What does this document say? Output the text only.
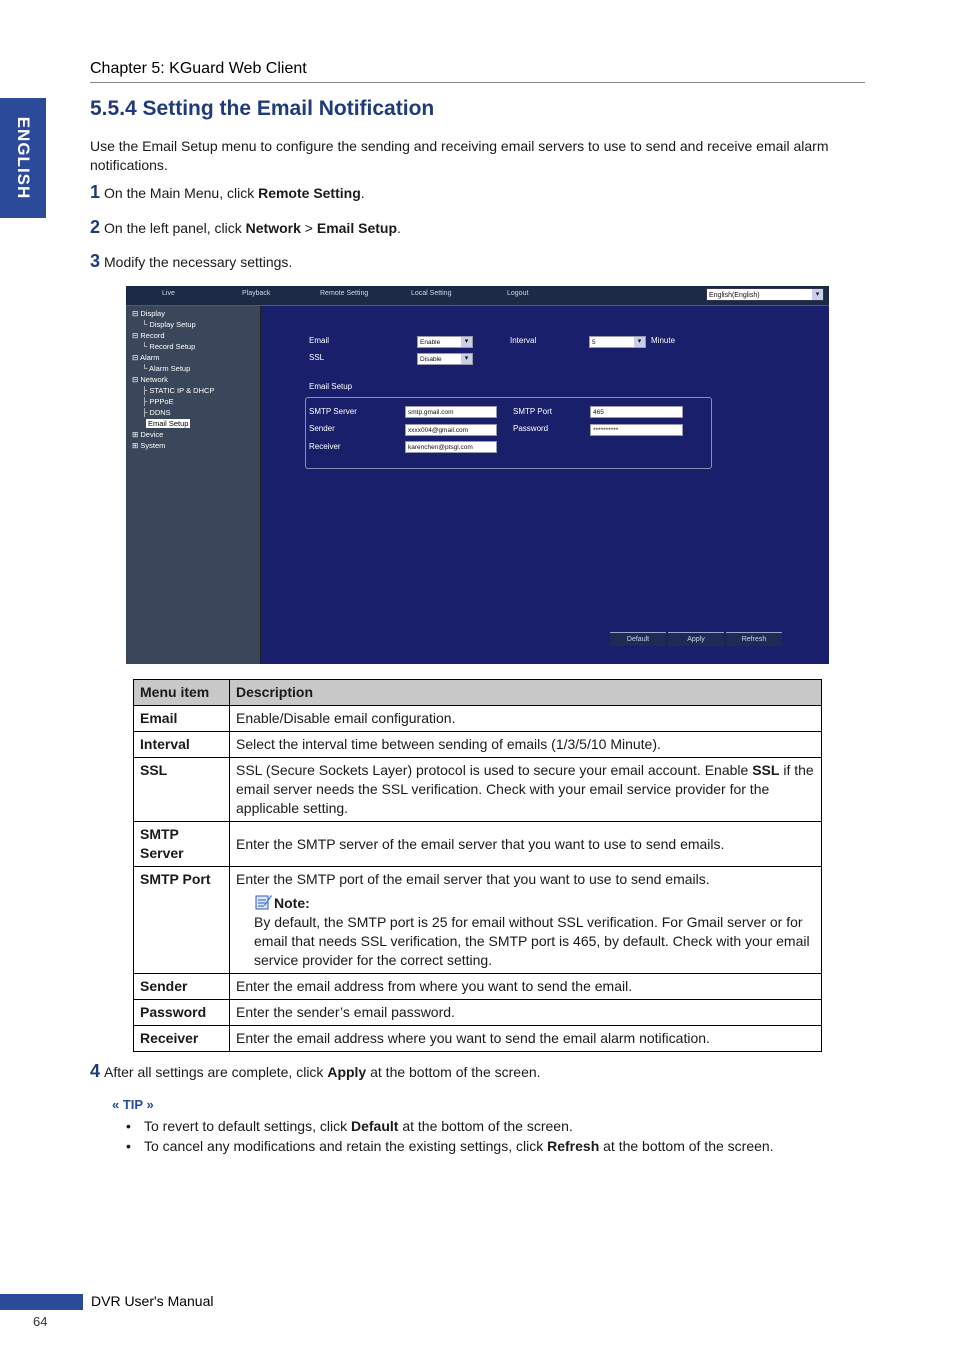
ENGLISH
Chapter 5: KGuard Web Client
5.5.4 Setting the Email Notification
Use the Email Setup menu to configure the sending and receiving email servers to use to send and receive email alarm notifications.
1 On the Main Menu, click Remote Setting.
2 On the left panel, click Network > Email Setup.
3 Modify the necessary settings.
Live	Playback	Remote Setting	Local Setting	Logout	English(English)	▾
⊟ Display
└ Display Setup
⊟ Record
└ Record Setup
⊟ Alarm
└ Alarm Setup
⊟ Network
├ STATIC IP & DHCP
├ PPPoE
├ DDNS
Email Setup
⊞ Device
⊞ System
Email	Enable	▾
SSL	Disable	▾
Interval	5	▾	Minute
Email Setup
SMTP Server	smtp.gmail.com
Sender	xxxx004@gmail.com
Receiver	karenchen@ptsgl.com
SMTP Port	465
Password	**********
Default	Apply	Refresh
Menu item	Description
Email	Enable/Disable email configuration.
Interval	Select the interval time between sending of emails (1/3/5/10 Minute).
SSL	SSL (Secure Sockets Layer) protocol is used to secure your email account. Enable SSL if the email server needs the SSL verification. Check with your email service provider for the applicable setting.
SMTP Server	Enter the SMTP server of the email server that you want to use to send emails.
SMTP Port	Enter the SMTP port of the email server that you want to use to send emails.
Note:
By default, the SMTP port is 25 for email without SSL verification. For Gmail server or for email that needs SSL verification, the SMTP port is 465, by default. Check with your email service provider for the correct setting.

Sender	Enter the email address from where you want to send the email.
Password	Enter the sender’s email password.
Receiver	Enter the email address where you want to send the email alarm notification.
4 After all settings are complete, click Apply at the bottom of the screen.
« TIP »
• To revert to default settings, click Default at the bottom of the screen.
• To cancel any modifications and retain the existing settings, click Refresh at the bottom of the screen.
DVR User's Manual
64
